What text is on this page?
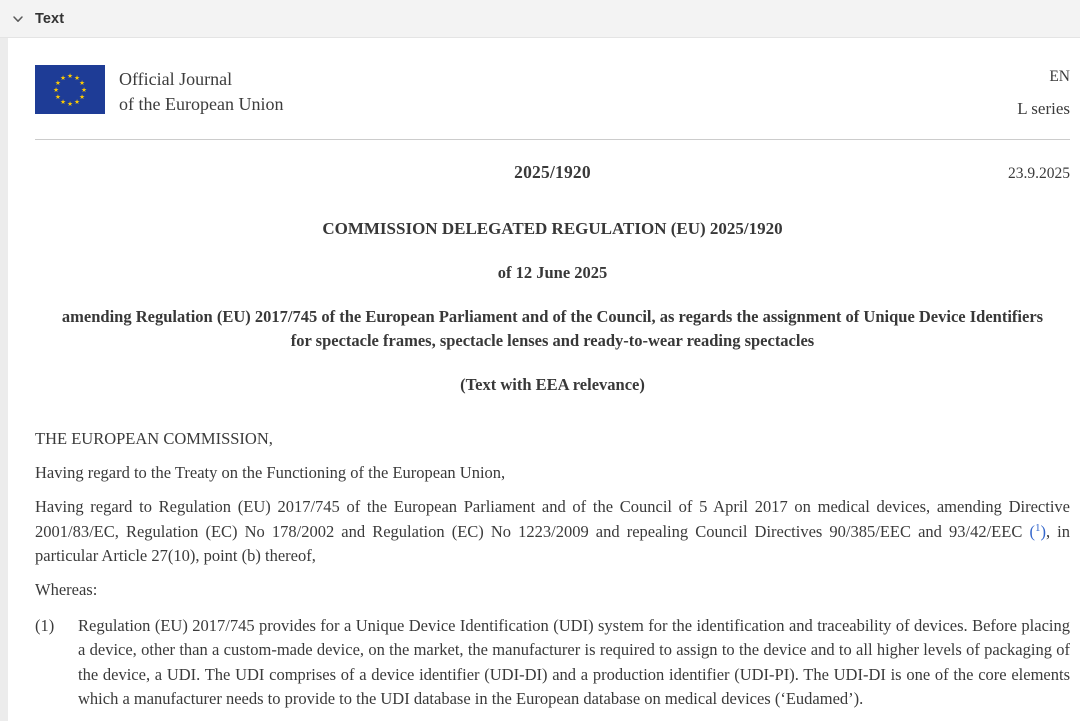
Text
★ ★
★
★
★
★
★
★
★
★
★
★	Official Journal
of the European Union
EN
L series
2025/1920	23.9.2025
COMMISSION DELEGATED REGULATION (EU) 2025/1920
of 12 June 2025
amending Regulation (EU) 2017/745 of the European Parliament and of the Council, as regards the assignment of Unique Device Identifiers for spectacle frames, spectacle lenses and ready-to-wear reading spectacles
(Text with EEA relevance)

THE EUROPEAN COMMISSION,

Having regard to the Treaty on the Functioning of the European Union,

Having regard to Regulation (EU) 2017/745 of the European Parliament and of the Council of 5 April 2017 on medical devices, amending Directive 2001/83/EC, Regulation (EC) No 178/2002 and Regulation (EC) No 1223/2009 and repealing Council Directives 90/385/EEC and 93/42/EEC ($^1$), in particular Article 27(10), point (b) thereof,

Whereas:

(1)	Regulation (EU) 2017/745 provides for a Unique Device Identification (UDI) system for the identification and traceability of devices. Before placing a device, other than a custom-made device, on the market, the manufacturer is required to assign to the device and to all higher levels of packaging of the device, a UDI. The UDI comprises of a device identifier (UDI-DI) and a production identifier (UDI-PI). The UDI-DI is one of the core elements which a manufacturer needs to provide to the UDI database in the European database on medical devices (‘Eudamed’).
